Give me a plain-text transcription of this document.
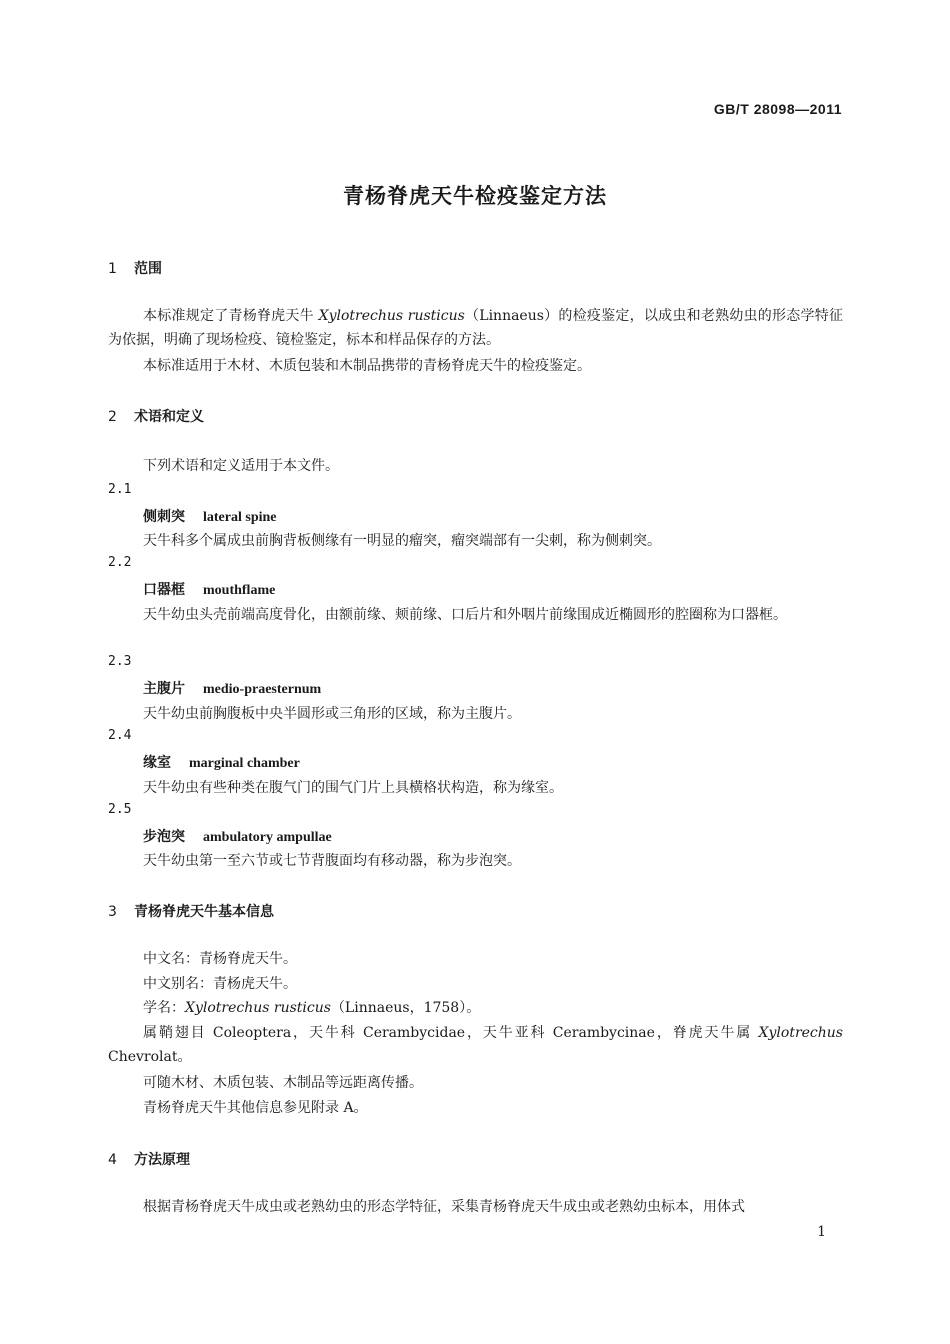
GB/T 28098—2011
青杨脊虎天牛检疫鉴定方法
1 范围
本标准规定了青杨脊虎天牛 Xylotrechus rusticus（Linnaeus）的检疫鉴定，以成虫和老熟幼虫的形态学特征为依据，明确了现场检疫、镜检鉴定，标本和样品保存的方法。
本标准适用于木材、木质包装和木制品携带的青杨脊虎天牛的检疫鉴定。
2 术语和定义
下列术语和定义适用于本文件。
2.1
侧刺突 lateral spine
天牛科多个属成虫前胸背板侧缘有一明显的瘤突，瘤突端部有一尖刺，称为侧刺突。
2.2
口器框 mouthflame
天牛幼虫头壳前端高度骨化，由额前缘、颊前缘、口后片和外咽片前缘围成近椭圆形的腔圈称为口器框。
2.3
主腹片 medio-praesternum
天牛幼虫前胸腹板中央半圆形或三角形的区域，称为主腹片。
2.4
缘室 marginal chamber
天牛幼虫有些种类在腹气门的围气门片上具横格状构造，称为缘室。
2.5
步泡突 ambulatory ampullae
天牛幼虫第一至六节或七节背腹面均有移动器，称为步泡突。
3 青杨脊虎天牛基本信息
中文名：青杨脊虎天牛。
中文别名：青杨虎天牛。
学名：Xylotrechus rusticus（Linnaeus，1758）。
属鞘翅目 Coleoptera，天牛科 Cerambycidae，天牛亚科 Cerambycinae，脊虎天牛属 Xylotrechus Chevrolat。
可随木材、木质包装、木制品等远距离传播。
青杨脊虎天牛其他信息参见附录 A。
4 方法原理
根据青杨脊虎天牛成虫或老熟幼虫的形态学特征，采集青杨脊虎天牛成虫或老熟幼虫标本，用体式
1
